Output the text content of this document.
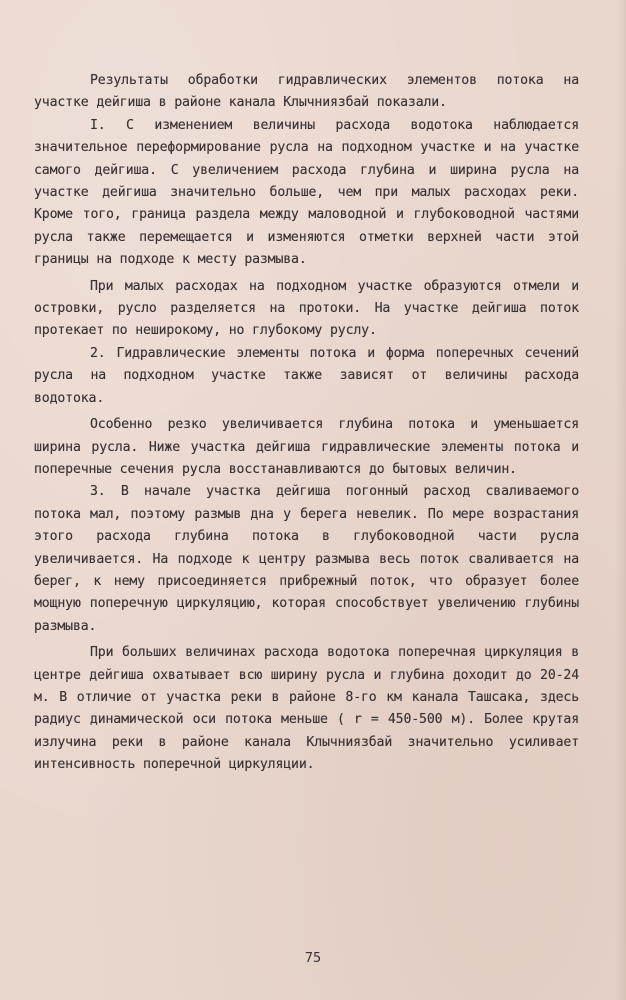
Результаты обработки гидравлических элементов потока на участке дейгиша в районе канала Клычниязбай показали.

I. С изменением величины расхода водотока наблюдается значительное переформирование русла на подходном участке и на участке самого дейгиша. С увеличением расхода глубина и ширина русла на участке дейгиша значительно больше, чем при малых расходах реки. Кроме того, граница раздела между маловодной и глубоководной частями русла также перемещается и изменяются отметки верхней части этой границы на подходе к месту размыва.

При малых расходах на подходном участке образуются отмели и островки, русло разделяется на протоки. На участке дейгиша поток протекает по неширокому, но глубокому руслу.

2. Гидравлические элементы потока и форма поперечных сечений русла на подходном участке также зависят от величины расхода водотока.

Особенно резко увеличивается глубина потока и уменьшается ширина русла. Ниже участка дейгиша гидравлические элементы потока и поперечные сечения русла восстанавливаются до бытовых величин.

3. В начале участка дейгиша погонный расход сваливаемого потока мал, поэтому размыв дна у берега невелик. По мере возрастания этого расхода глубина потока в глубоководной части русла увеличивается. На подходе к центру размыва весь поток сваливается на берег, к нему присоединяется прибрежный поток, что образует более мощную поперечную циркуляцию, которая способствует увеличению глубины размыва.

При больших величинах расхода водотока поперечная циркуляция в центре дейгиша охватывает всю ширину русла и глубина доходит до 20-24 м. В отличие от участка реки в районе 8-го км канала Ташсака, здесь радиус динамической оси потока меньше ( r = 450-500 м). Более крутая излучина реки в районе канала Клычниязбай значительно усиливает интенсивность поперечной циркуляции.

75
